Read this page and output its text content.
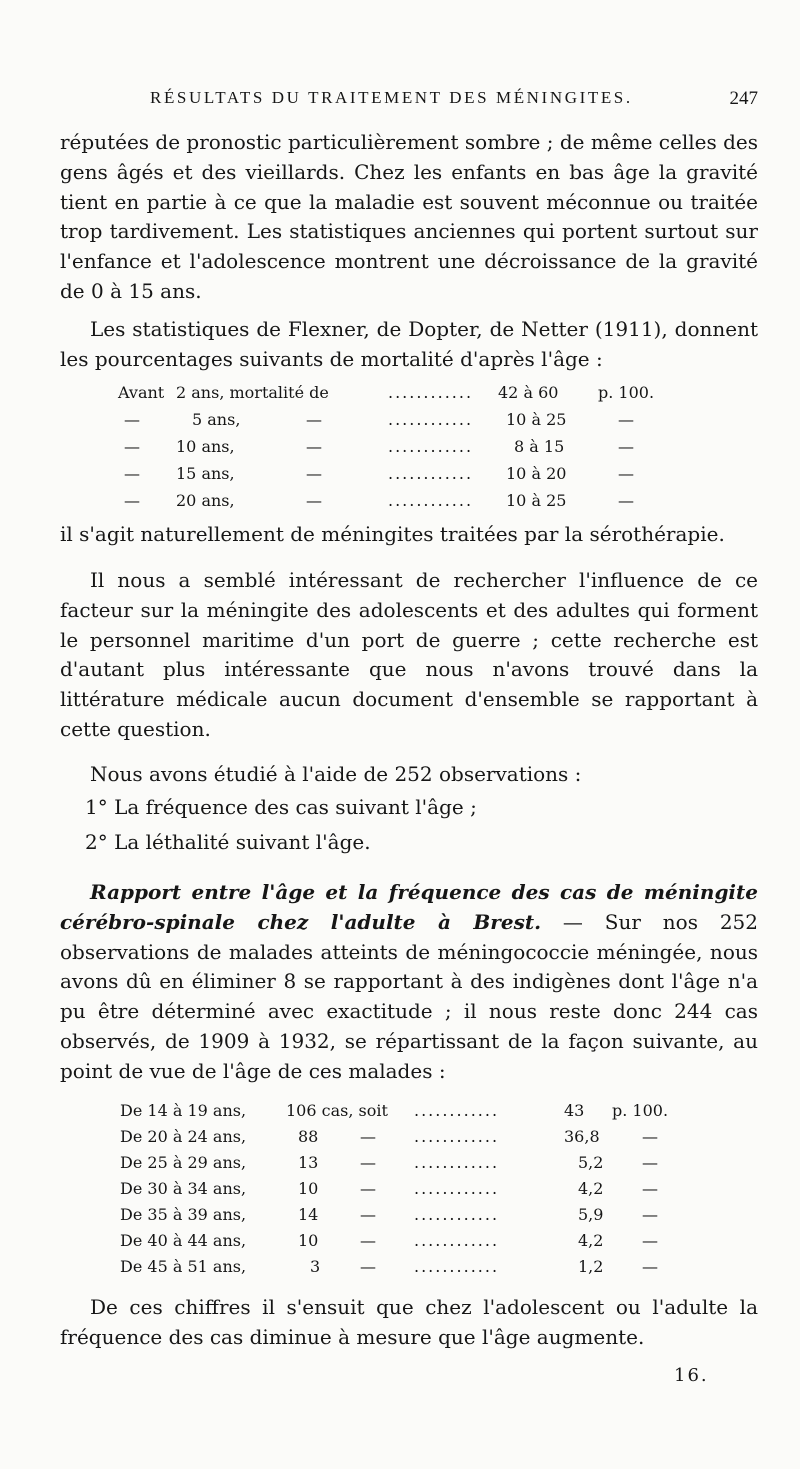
RÉSULTATS DU TRAITEMENT DES MÉNINGITES.	247

réputées de pronostic particulièrement sombre ; de même celles des gens âgés et des vieillards. Chez les enfants en bas âge la gravité tient en partie à ce que la maladie est souvent méconnue ou traitée trop tardivement. Les statistiques anciennes qui portent surtout sur l'enfance et l'adolescence montrent une décroissance de la gravité de 0 à 15 ans.

Les statistiques de Flexner, de Dopter, de Netter (1911), donnent les pourcentages suivants de mortalité d'après l'âge :

Avant 2 ans, mortalité de	............ 42 à 60 p. 100.
—	5 ans,	—	............ 10 à 25	—
— 10 ans,	—	............	8 à 15	—
— 15 ans,	—	............ 10 à 20	—
— 20 ans,	—	............ 10 à 25	—

il s'agit naturellement de méningites traitées par la sérothérapie.

Il nous a semblé intéressant de rechercher l'influence de ce facteur sur la méningite des adolescents et des adultes qui forment le personnel maritime d'un port de guerre ; cette recherche est d'autant plus intéressante que nous n'avons trouvé dans la littérature médicale aucun document d'ensemble se rapportant à cette question.

Nous avons étudié à l'aide de 252 observations :

1° La fréquence des cas suivant l'âge ;

2° La léthalité suivant l'âge.

Rapport entre l'âge et la fréquence des cas de méningite cérébro-spinale chez l'adulte à Brest. — Sur nos 252 observations de malades atteints de méningococcie méningée, nous avons dû en éliminer 8 se rapportant à des indigènes dont l'âge n'a pu être déterminé avec exactitude ; il nous reste donc 244 cas observés, de 1909 à 1932, se répartissant de la façon suivante, au point de vue de l'âge de ces malades :

De 14 à 19 ans, 106 cas, soit ............	43 p. 100.
De 20 à 24 ans,	88	— ............	36,8	—
De 25 à 29 ans,	13	— ............	5,2 —
De 30 à 34 ans,	10	— ............	4,2 —
De 35 à 39 ans,	14	— ............	5,9 —
De 40 à 44 ans,	10	— ............	4,2 —
De 45 à 51 ans,	3 — ............	1,2 —

De ces chiffres il s'ensuit que chez l'adolescent ou l'adulte la fréquence des cas diminue à mesure que l'âge augmente.

16.
